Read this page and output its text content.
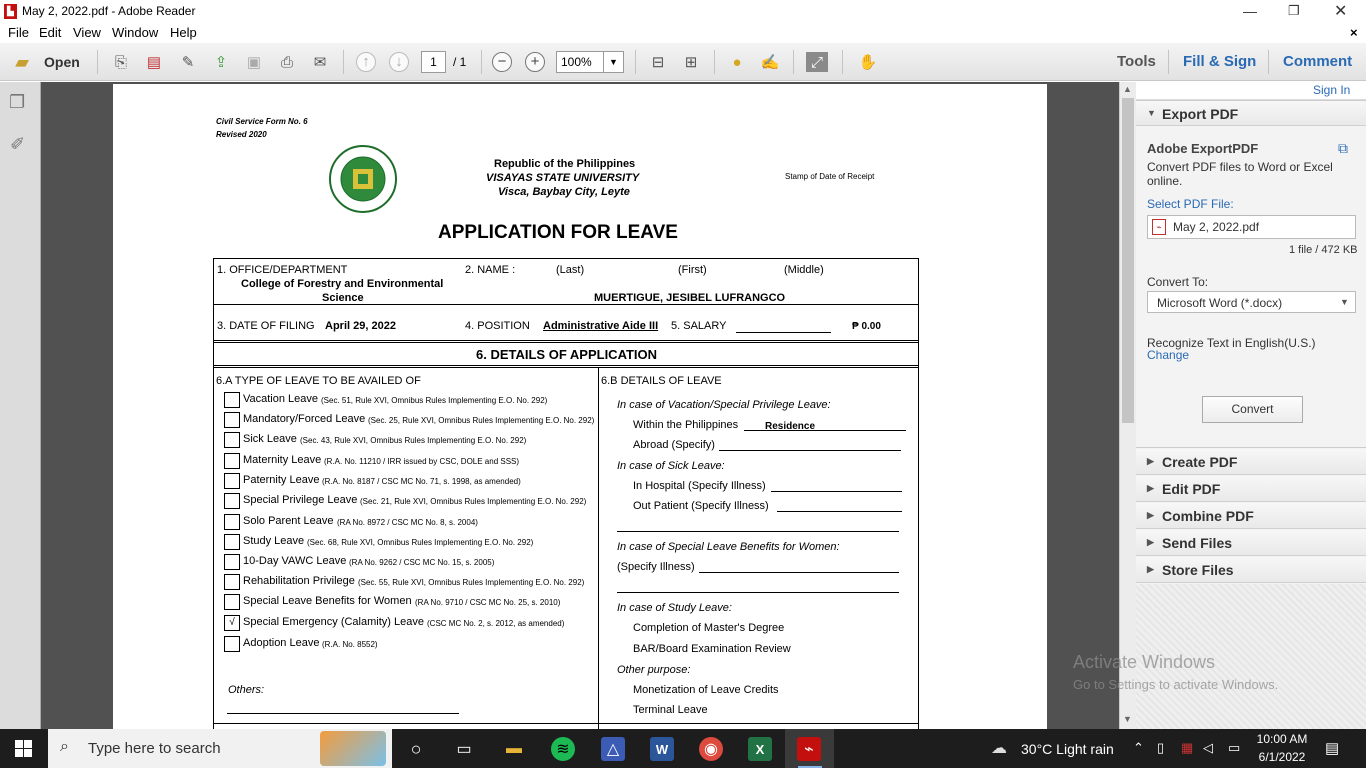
▙ May 2, 2022.pdf - Adobe Reader	— ❐ ✕
File Edit View Window Help	×
▰	Open	⎘	▤	✎	⇪	▣	⎙	✉	↑	↓	1	/ 1	−	+	100%	▼	⊟	⊞	●	✍	⤢	✋	Tools Fill & Sign Comment
❐
✐
Civil Service Form No. 6
Revised 2020
Republic of the Philippines
VISAYAS STATE UNIVERSITY
Visca, Baybay City, Leyte
Stamp of Date of Receipt
APPLICATION FOR LEAVE
1. OFFICE/DEPARTMENT
College of Forestry and Environmental
Science
2. NAME :	(Last)	(First)	(Middle)
MUERTIGUE, JESIBEL LUFRANGCO
3. DATE OF FILING April 29, 2022	4. POSITION Administrative Aide III 5. SALARY	₱ 0.00
6. DETAILS OF APPLICATION
6.A TYPE OF LEAVE TO BE AVAILED OF	6.B DETAILS OF LEAVE
Vacation Leave (Sec. 51, Rule XVI, Omnibus Rules Implementing E.O. No. 292)
Mandatory/Forced Leave (Sec. 25, Rule XVI, Omnibus Rules Implementing E.O. No. 292)
Sick Leave (Sec. 43, Rule XVI, Omnibus Rules Implementing E.O. No. 292)
Maternity Leave (R.A. No. 11210 / IRR issued by CSC, DOLE and SSS)
Paternity Leave (R.A. No. 8187 / CSC MC No. 71, s. 1998, as amended)
Special Privilege Leave (Sec. 21, Rule XVI, Omnibus Rules Implementing E.O. No. 292)
Solo Parent Leave (RA No. 8972 / CSC MC No. 8, s. 2004)
Study Leave (Sec. 68, Rule XVI, Omnibus Rules Implementing E.O. No. 292)
10-Day VAWC Leave (RA No. 9262 / CSC MC No. 15, s. 2005)
Rehabilitation Privilege (Sec. 55, Rule XVI, Omnibus Rules Implementing E.O. No. 292)
Special Leave Benefits for Women (RA No. 9710 / CSC MC No. 25, s. 2010)
√ Special Emergency (Calamity) Leave (CSC MC No. 2, s. 2012, as amended)
Adoption Leave (R.A. No. 8552)
Others:
In case of Vacation/Special Privilege Leave:
Within the Philippines	Residence
Abroad (Specify)
In case of Sick Leave:
In Hospital (Specify Illness)
Out Patient (Specify Illness)
In case of Special Leave Benefits for Women:
(Specify Illness)
In case of Study Leave:
Completion of Master's Degree
BAR/Board Examination Review
Other purpose:
Monetization of Leave Credits
Terminal Leave
▲
▼
Sign In
▼ Export PDF
Adobe ExportPDF	⧉
Convert PDF files to Word or Excel online.
Select PDF File:
⌁ May 2, 2022.pdf
1 file / 472 KB
Convert To:
Microsoft Word (*.docx)	▼
Recognize Text in English(U.S.)
Change
Convert
▶ Create PDF
▶ Edit PDF
▶ Combine PDF
▶ Send Files
▶ Store Files
Activate Windows
Go to Settings to activate Windows.
⌕ Type here to search	○	▭ ▬	≋	△	W	◉	X	⌁	☁ 30°C Light rain ⌃ ▯ ▦ ◁ ▭
10:00 AM
6/1/2022 ▤
